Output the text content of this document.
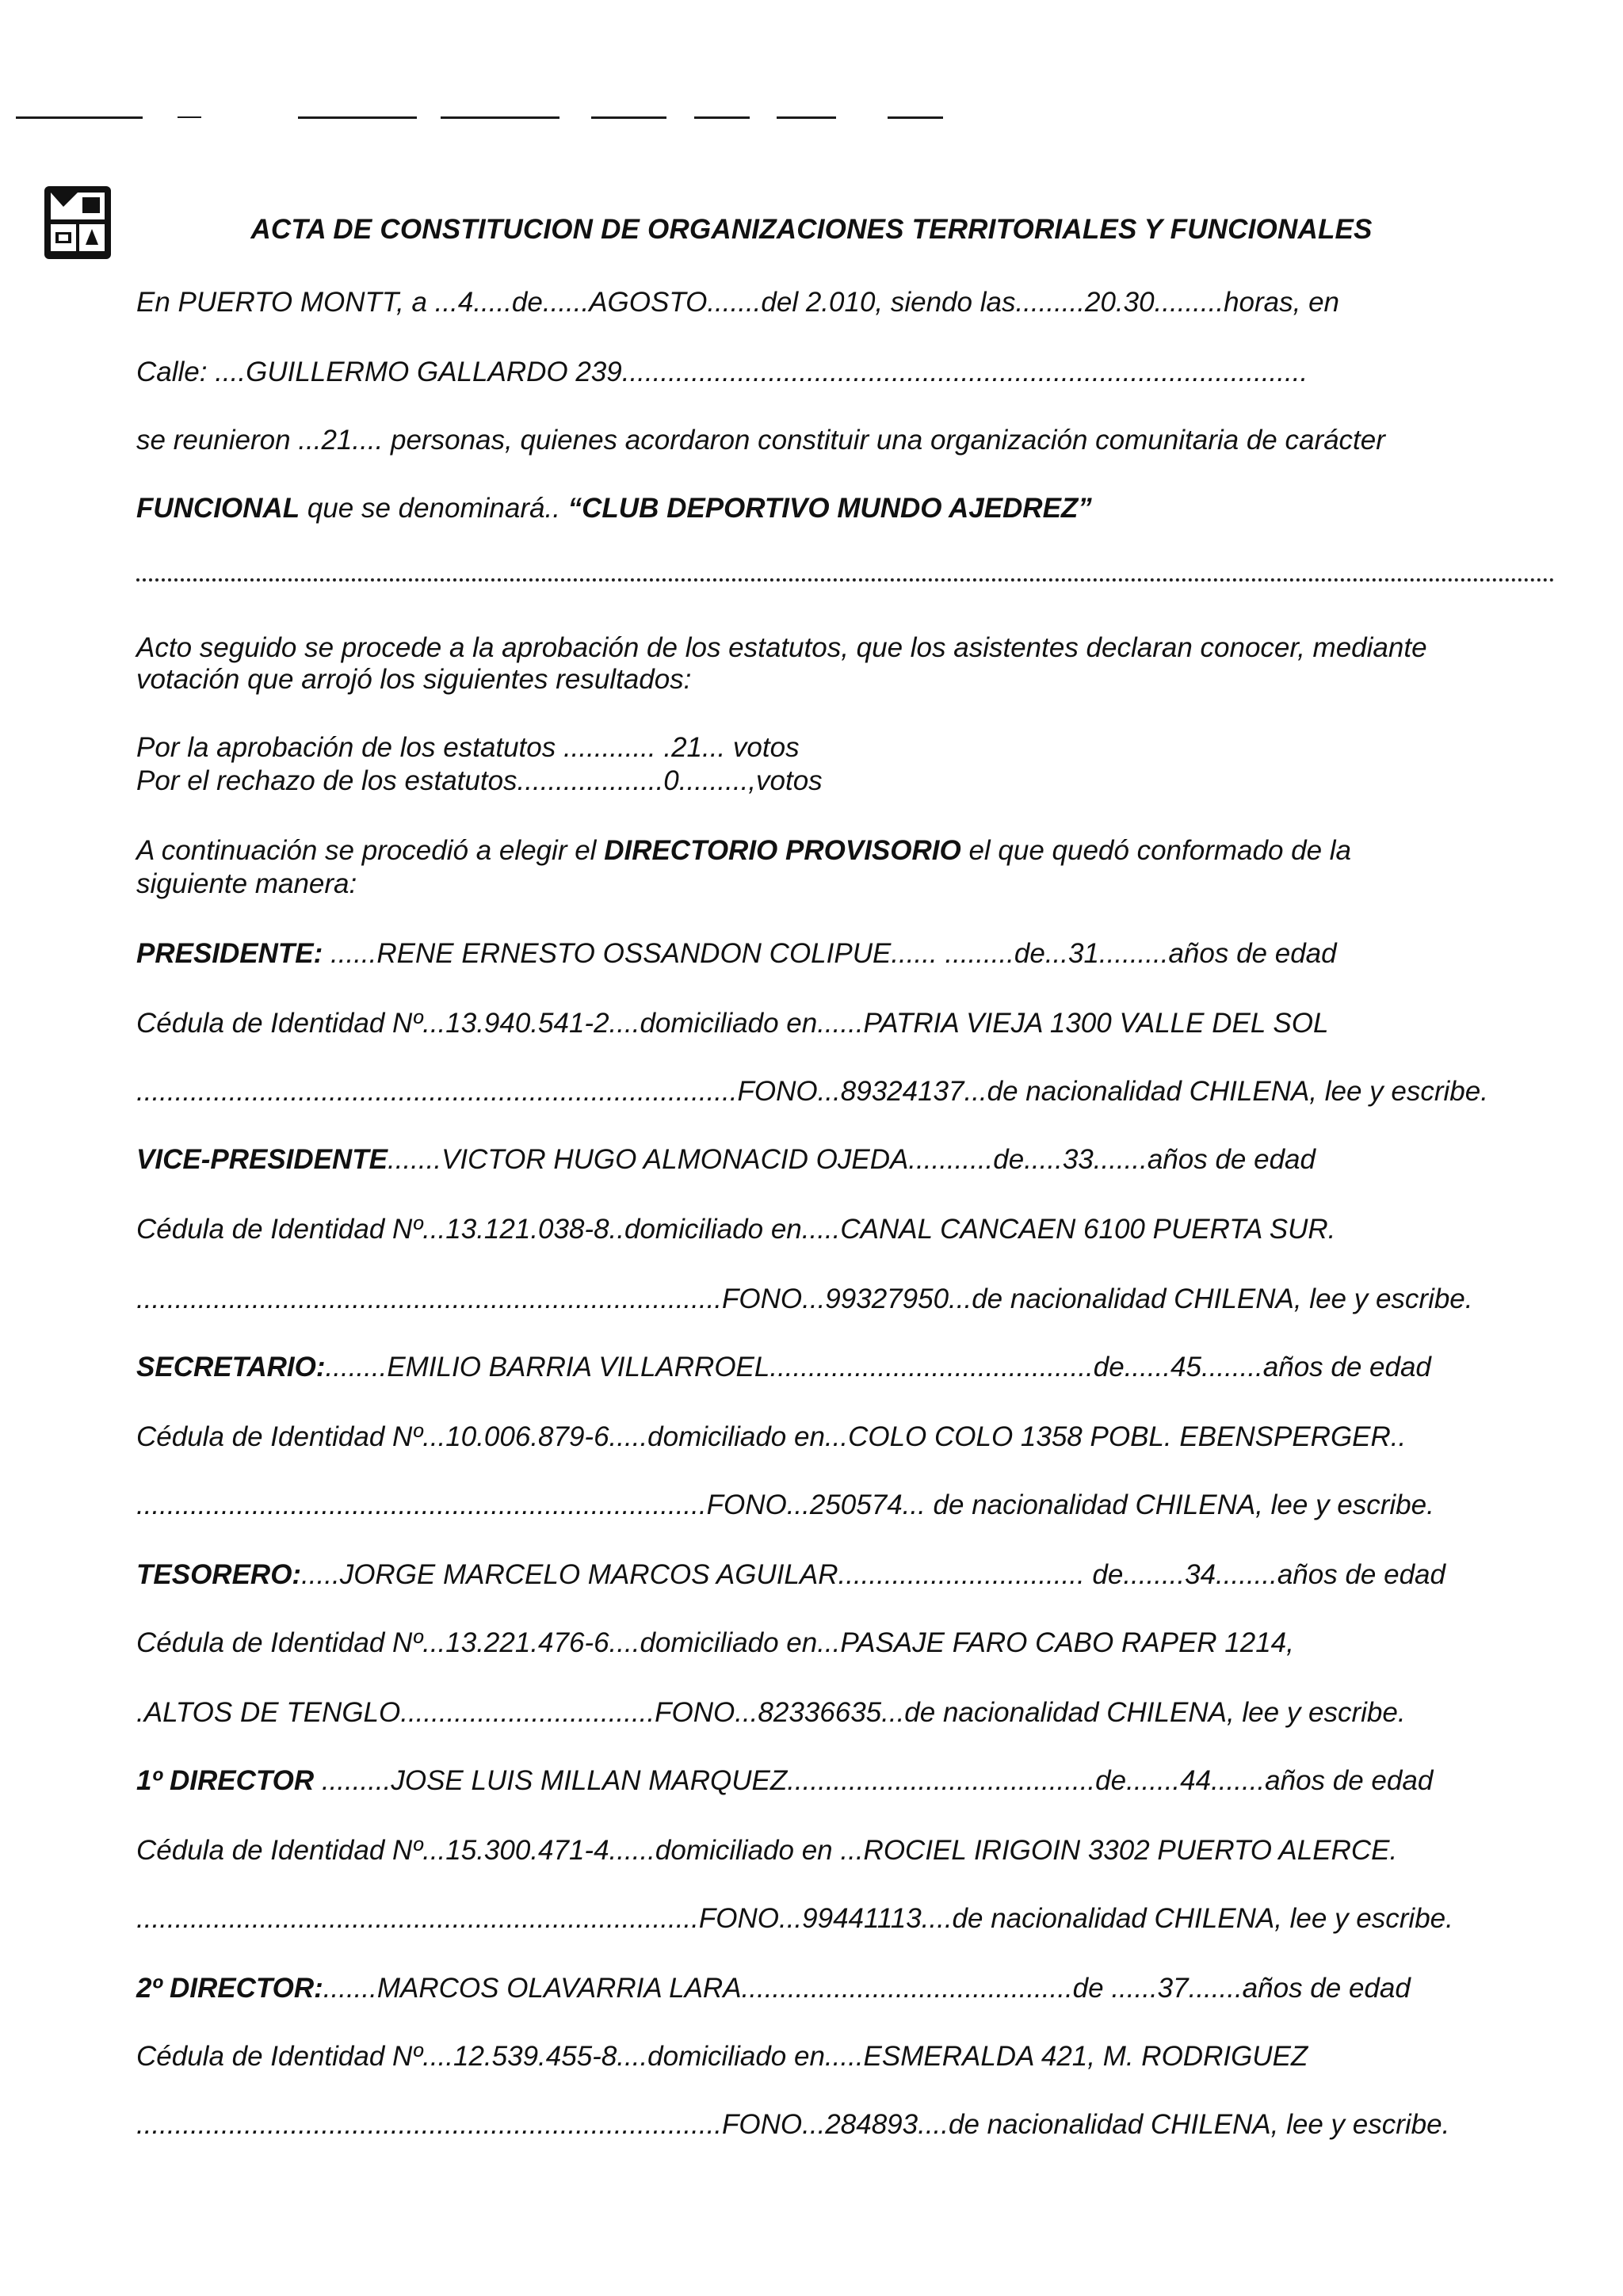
ACTA DE CONSTITUCION DE ORGANIZACIONES TERRITORIALES Y FUNCIONALES
En PUERTO MONTT, a ...4.....de......AGOSTO.......del 2.010, siendo las.........20.30.........horas, en
Calle: ....GUILLERMO GALLARDO 239.........................................................................................
se reunieron ...21.... personas, quienes acordaron constituir una organización comunitaria de carácter
FUNCIONAL que se denominará.. “CLUB DEPORTIVO MUNDO AJEDREZ”
Acto seguido se procede a la aprobación de los estatutos, que los asistentes declaran conocer, mediante
votación que arrojó los siguientes resultados:
Por la aprobación de los estatutos ............ .21... votos
Por el rechazo de los estatutos...................0.........,votos
A continuación se procedió a elegir el DIRECTORIO PROVISORIO el que quedó conformado de la
siguiente manera:
PRESIDENTE: ......RENE ERNESTO OSSANDON COLIPUE...... .........de...31.........años de edad
Cédula de Identidad Nº...13.940.541-2....domiciliado en......PATRIA VIEJA 1300 VALLE DEL SOL
..............................................................................FONO...89324137...de nacionalidad CHILENA, lee y escribe.
VICE-PRESIDENTE.......VICTOR HUGO ALMONACID OJEDA...........de.....33.......años de edad
Cédula de Identidad Nº...13.121.038-8..domiciliado en.....CANAL CANCAEN 6100 PUERTA SUR.
............................................................................FONO...99327950...de nacionalidad CHILENA, lee y escribe.
SECRETARIO:........EMILIO BARRIA VILLARROEL..........................................de......45........años de edad
Cédula de Identidad Nº...10.006.879-6.....domiciliado en...COLO COLO 1358 POBL. EBENSPERGER..
..........................................................................FONO...250574... de nacionalidad CHILENA, lee y escribe.
TESORERO:.....JORGE MARCELO MARCOS AGUILAR................................ de........34........años de edad
Cédula de Identidad Nº...13.221.476-6....domiciliado en...PASAJE FARO CABO RAPER 1214,
.ALTOS DE TENGLO.................................FONO...82336635...de nacionalidad CHILENA, lee y escribe.
1º DIRECTOR .........JOSE LUIS MILLAN MARQUEZ........................................de.......44.......años de edad
Cédula de Identidad Nº...15.300.471-4......domiciliado en ...ROCIEL IRIGOIN 3302 PUERTO ALERCE.
.........................................................................FONO...99441113....de nacionalidad CHILENA, lee y escribe.
2º DIRECTOR:.......MARCOS OLAVARRIA LARA...........................................de ......37.......años de edad
Cédula de Identidad Nº....12.539.455-8....domiciliado en.....ESMERALDA 421, M. RODRIGUEZ
............................................................................FONO...284893....de nacionalidad CHILENA, lee y escribe.
